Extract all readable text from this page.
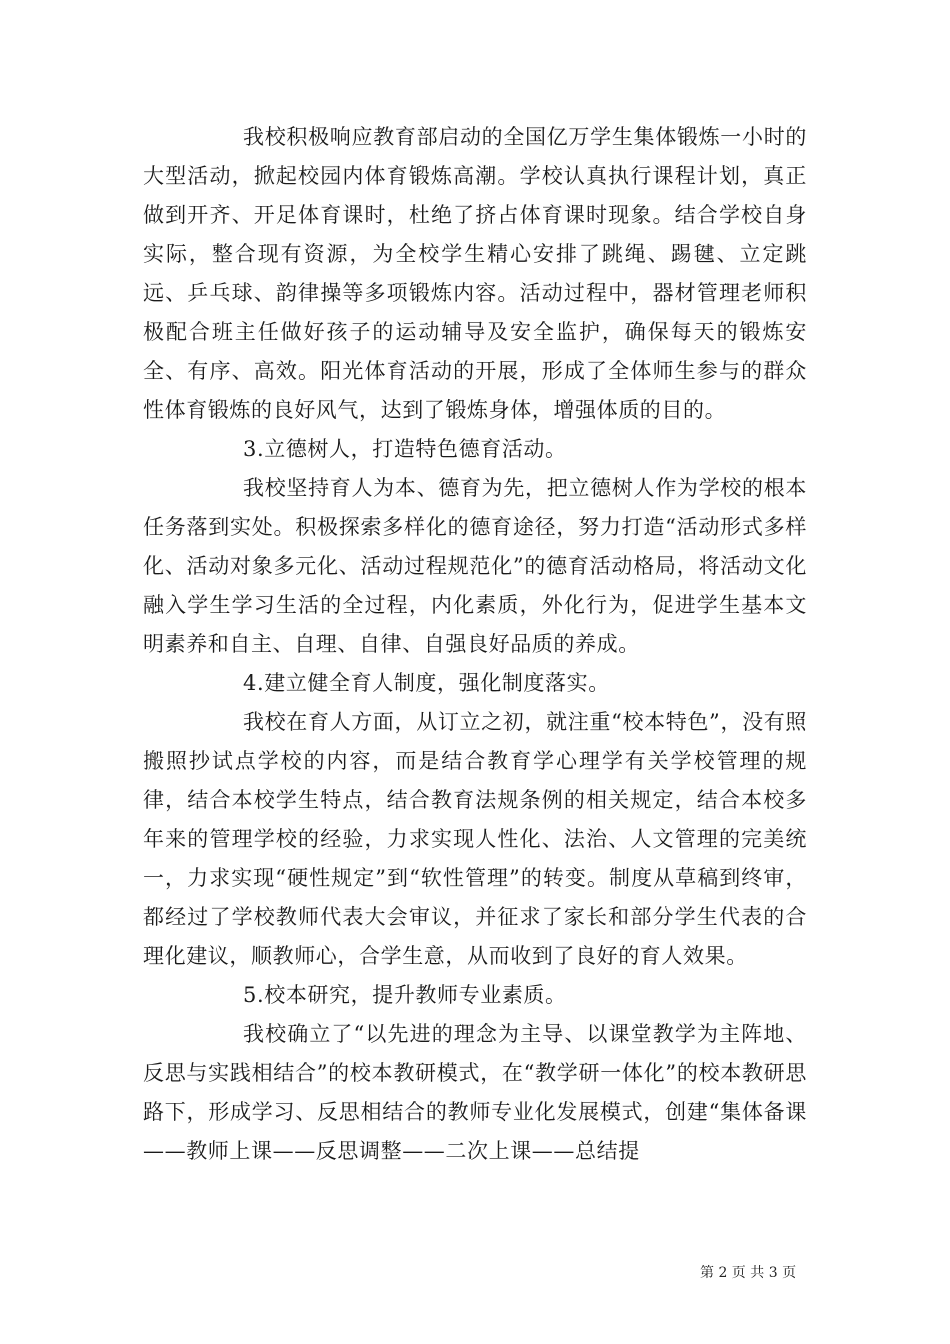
我校积极响应教育部启动的全国亿万学生集体锻炼一小时的大型活动，掀起校园内体育锻炼高潮。学校认真执行课程计划，真正做到开齐、开足体育课时，杜绝了挤占体育课时现象。结合学校自身实际，整合现有资源，为全校学生精心安排了跳绳、踢毽、立定跳远、乒乓球、韵律操等多项锻炼内容。活动过程中，器材管理老师积极配合班主任做好孩子的运动辅导及安全监护，确保每天的锻炼安全、有序、高效。阳光体育活动的开展，形成了全体师生参与的群众性体育锻炼的良好风气，达到了锻炼身体，增强体质的目的。

3.立德树人，打造特色德育活动。

我校坚持育人为本、德育为先，把立德树人作为学校的根本任务落到实处。积极探索多样化的德育途径，努力打造“活动形式多样化、活动对象多元化、活动过程规范化”的德育活动格局，将活动文化融入学生学习生活的全过程，内化素质，外化行为，促进学生基本文明素养和自主、自理、自律、自强良好品质的养成。

4.建立健全育人制度，强化制度落实。

我校在育人方面，从订立之初，就注重“校本特色”，没有照搬照抄试点学校的内容，而是结合教育学心理学有关学校管理的规律，结合本校学生特点，结合教育法规条例的相关规定，结合本校多年来的管理学校的经验，力求实现人性化、法治、人文管理的完美统一，力求实现“硬性规定”到“软性管理”的转变。制度从草稿到终审，都经过了学校教师代表大会审议，并征求了家长和部分学生代表的合理化建议，顺教师心，合学生意，从而收到了良好的育人效果。

5.校本研究，提升教师专业素质。

我校确立了“以先进的理念为主导、以课堂教学为主阵地、反思与实践相结合”的校本教研模式，在“教学研一体化”的校本教研思路下，形成学习、反思相结合的教师专业化发展模式，创建“集体备课——教师上课——反思调整——二次上课——总结提

第 2 页 共 3 页
